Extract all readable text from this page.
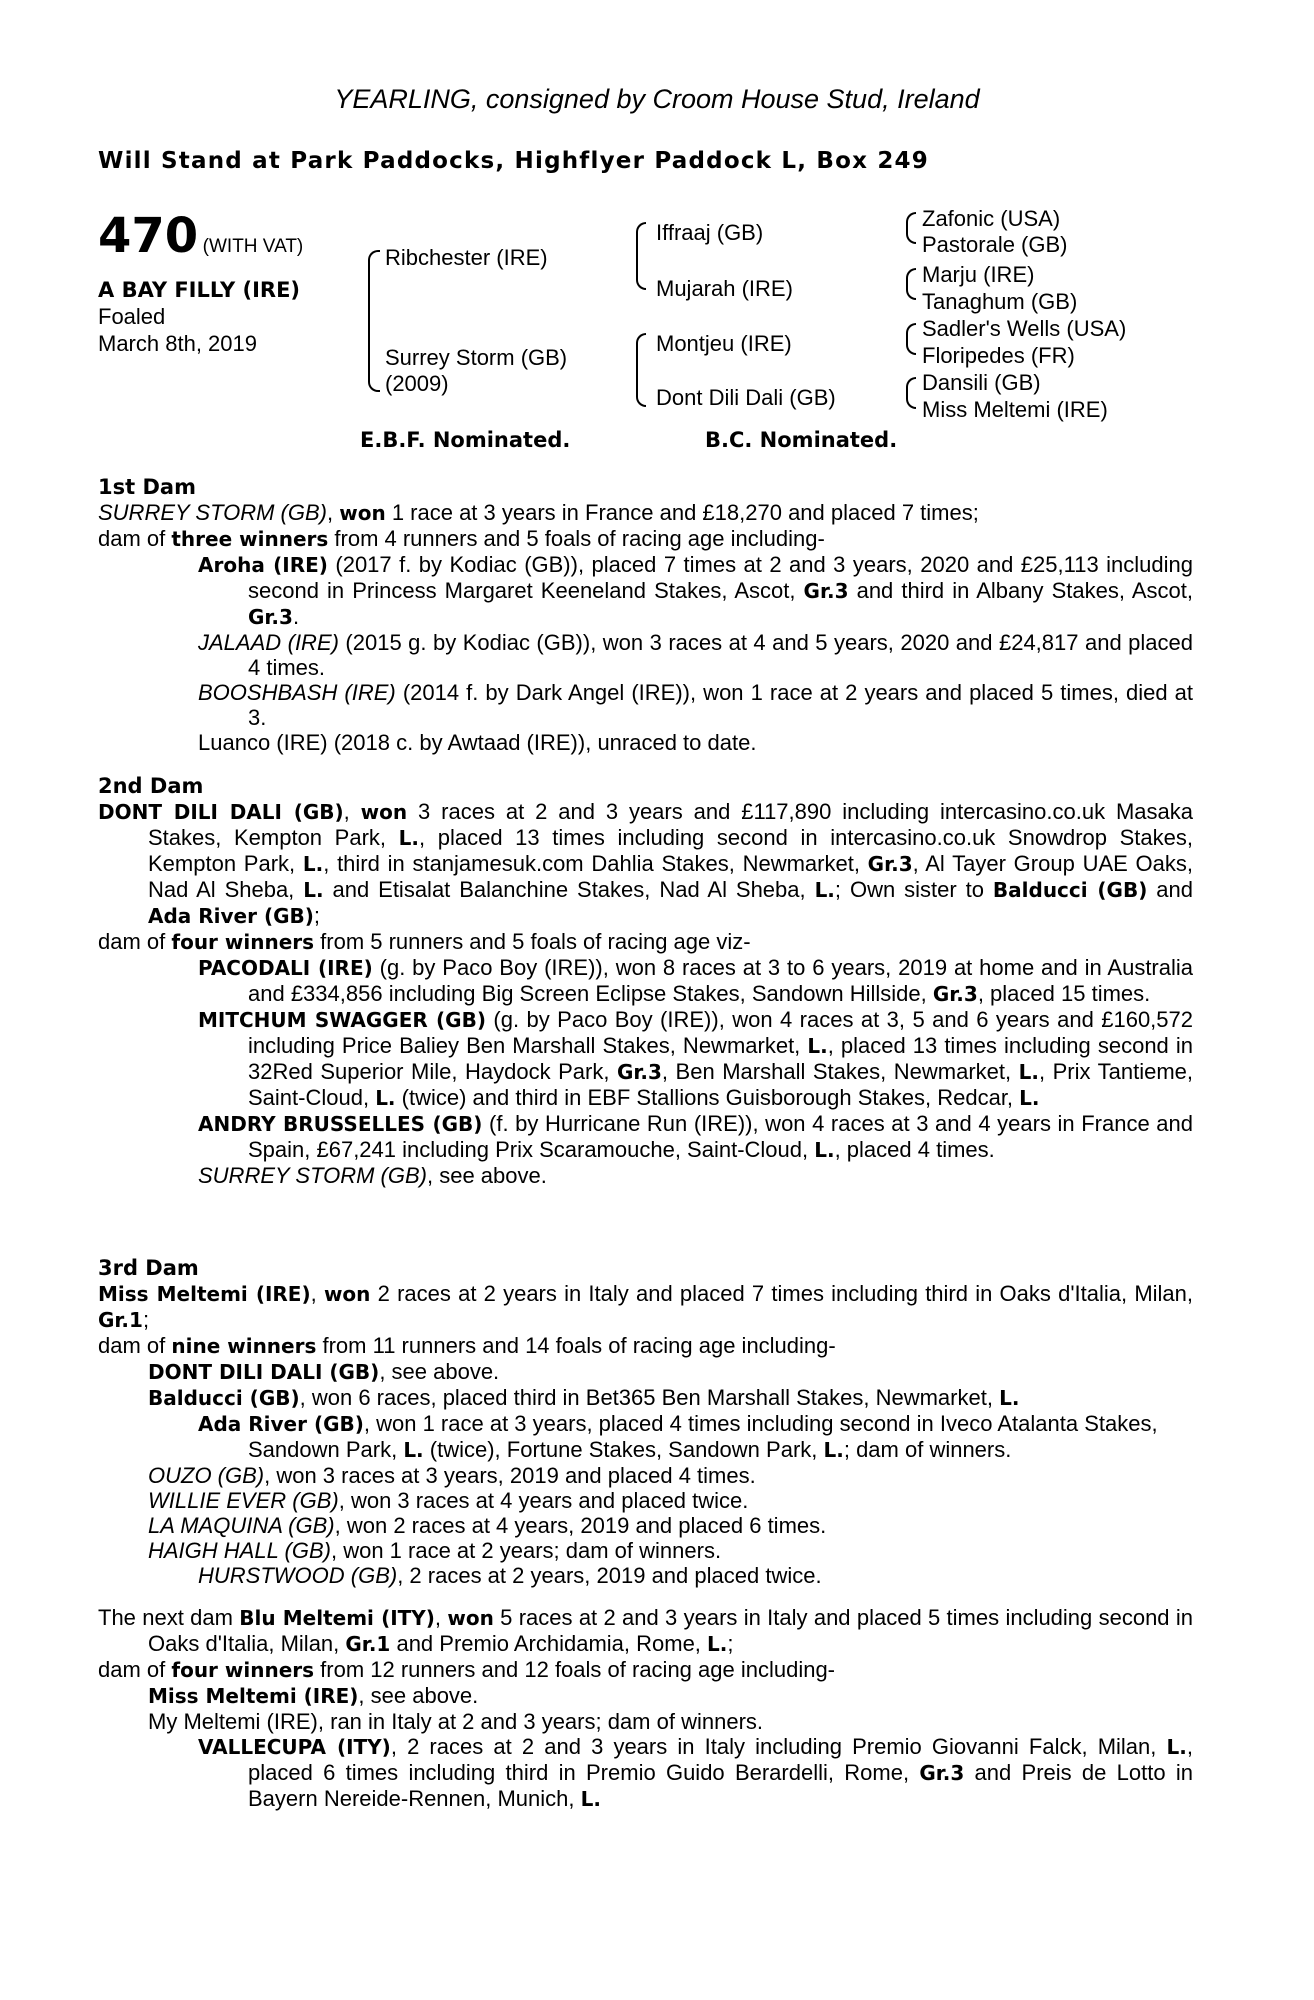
YEARLING, consigned by Croom House Stud, Ireland
Will Stand at Park Paddocks, Highflyer Paddock L, Box 249
470 (WITH VAT)
A BAY FILLY (IRE)
Foaled
March 8th, 2019
Ribchester (IRE)
Surrey Storm (GB)
(2009)
Iffraaj (GB)
Mujarah (IRE)
Montjeu (IRE)
Dont Dili Dali (GB)
Zafonic (USA)
Pastorale (GB)
Marju (IRE)
Tanaghum (GB)
Sadler's Wells (USA)
Floripedes (FR)
Dansili (GB)
Miss Meltemi (IRE)
E.B.F. Nominated.	B.C. Nominated.

1st Dam

SURREY STORM (GB), won 1 race at 3 years in France and £18,270 and placed 7 times;

dam of three winners from 4 runners and 5 foals of racing age including-

Aroha (IRE) (2017 f. by Kodiac (GB)), placed 7 times at 2 and 3 years, 2020 and £25,113 including second in Princess Margaret Keeneland Stakes, Ascot, Gr.3 and third in Albany Stakes, Ascot, Gr.3.

JALAAD (IRE) (2015 g. by Kodiac (GB)), won 3 races at 4 and 5 years, 2020 and £24,817 and placed 4 times.

BOOSHBASH (IRE) (2014 f. by Dark Angel (IRE)), won 1 race at 2 years and placed 5 times, died at 3.

Luanco (IRE) (2018 c. by Awtaad (IRE)), unraced to date.

2nd Dam

DONT DILI DALI (GB), won 3 races at 2 and 3 years and £117,890 including intercasino.co.uk Masaka Stakes, Kempton Park, L., placed 13 times including second in intercasino.co.uk Snowdrop Stakes, Kempton Park, L., third in stanjamesuk.com Dahlia Stakes, Newmarket, Gr.3, Al Tayer Group UAE Oaks, Nad Al Sheba, L. and Etisalat Balanchine Stakes, Nad Al Sheba, L.; Own sister to Balducci (GB) and Ada River (GB);

dam of four winners from 5 runners and 5 foals of racing age viz-

PACODALI (IRE) (g. by Paco Boy (IRE)), won 8 races at 3 to 6 years, 2019 at home and in Australia and £334,856 including Big Screen Eclipse Stakes, Sandown Hillside, Gr.3, placed 15 times.

MITCHUM SWAGGER (GB) (g. by Paco Boy (IRE)), won 4 races at 3, 5 and 6 years and £160,572 including Price Baliey Ben Marshall Stakes, Newmarket, L., placed 13 times including second in 32Red Superior Mile, Haydock Park, Gr.3, Ben Marshall Stakes, Newmarket, L., Prix Tantieme, Saint-Cloud, L. (twice) and third in EBF Stallions Guisborough Stakes, Redcar, L.

ANDRY BRUSSELLES (GB) (f. by Hurricane Run (IRE)), won 4 races at 3 and 4 years in France and Spain, £67,241 including Prix Scaramouche, Saint-Cloud, L., placed 4 times.

SURREY STORM (GB), see above.

3rd Dam

Miss Meltemi (IRE), won 2 races at 2 years in Italy and placed 7 times including third in Oaks d'Italia, Milan, Gr.1;

dam of nine winners from 11 runners and 14 foals of racing age including-

DONT DILI DALI (GB), see above.

Balducci (GB), won 6 races, placed third in Bet365 Ben Marshall Stakes, Newmarket, L.

Ada River (GB), won 1 race at 3 years, placed 4 times including second in Iveco Atalanta Stakes, Sandown Park, L. (twice), Fortune Stakes, Sandown Park, L.; dam of winners.

OUZO (GB), won 3 races at 3 years, 2019 and placed 4 times.

WILLIE EVER (GB), won 3 races at 4 years and placed twice.

LA MAQUINA (GB), won 2 races at 4 years, 2019 and placed 6 times.

HAIGH HALL (GB), won 1 race at 2 years; dam of winners.

HURSTWOOD (GB), 2 races at 2 years, 2019 and placed twice.

The next dam Blu Meltemi (ITY), won 5 races at 2 and 3 years in Italy and placed 5 times including second in Oaks d'Italia, Milan, Gr.1 and Premio Archidamia, Rome, L.;

dam of four winners from 12 runners and 12 foals of racing age including-

Miss Meltemi (IRE), see above.

My Meltemi (IRE), ran in Italy at 2 and 3 years; dam of winners.

VALLECUPA (ITY), 2 races at 2 and 3 years in Italy including Premio Giovanni Falck, Milan, L., placed 6 times including third in Premio Guido Berardelli, Rome, Gr.3 and Preis de Lotto in Bayern Nereide-Rennen, Munich, L.
